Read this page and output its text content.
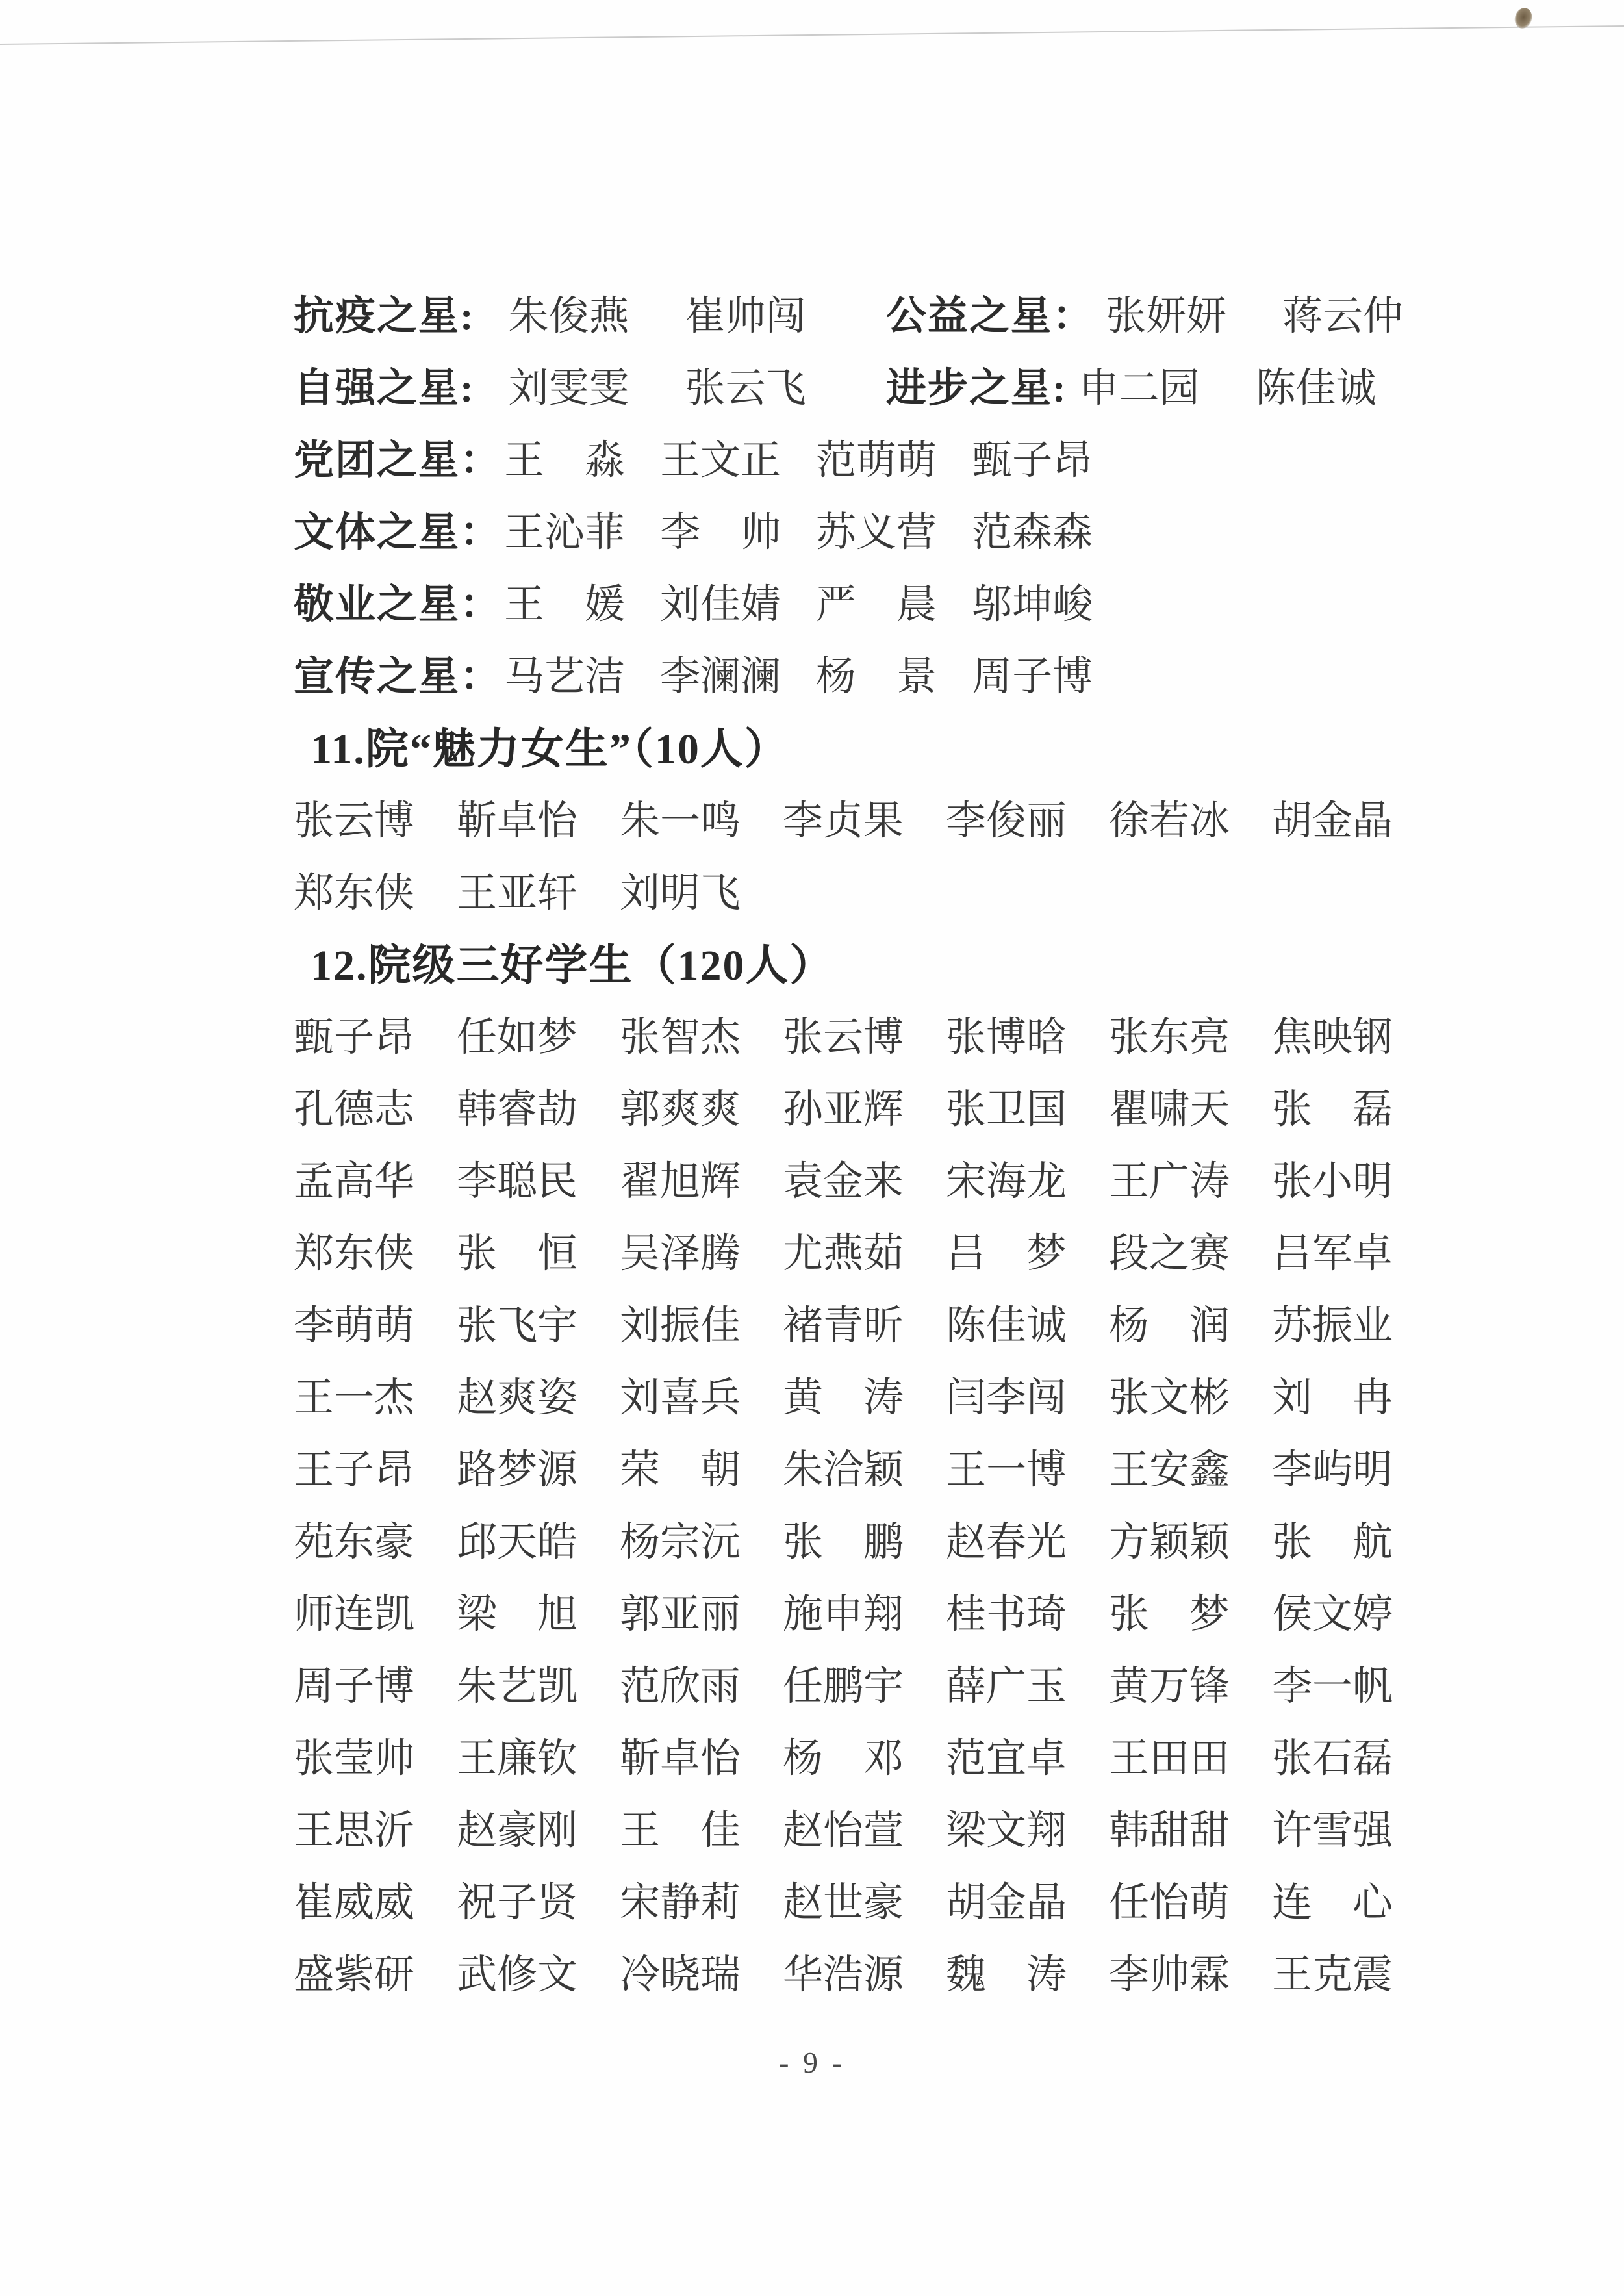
抗疫之星: 朱俊燕 崔帅闯 公益之星： 张妍妍 蒋云仲
自强之星: 刘雯雯 张云飞 进步之星: 申二园 陈佳诚
党团之星： 王　淼 王文正 范萌萌 甄子昂
文体之星： 王沁菲 李　帅 苏义营 范森森
敬业之星： 王　媛 刘佳婧 严　晨 邬坤峻
宣传之星： 马艺洁 李澜澜 杨　景 周子博
11.院“魅力女生”（10人）
张云博	靳卓怡	朱一鸣	李贞果	李俊丽	徐若冰	胡金晶
郑东侠	王亚轩	刘明飞
12.院级三好学生（120人）
甄子昂	任如梦	张智杰	张云博	张博晗	张东亮	焦映钢
孔德志	韩睿劼	郭爽爽	孙亚辉	张卫国	瞿啸天	张　磊
孟高华	李聪民	翟旭辉	袁金来	宋海龙	王广涛	张小明
郑东侠	张　恒	吴泽腾	尤燕茹	吕　梦	段之赛	吕军卓
李萌萌	张飞宇	刘振佳	褚青昕	陈佳诚	杨　润	苏振业
王一杰	赵爽姿	刘喜兵	黄　涛	闫李闯	张文彬	刘　冉
王子昂	路梦源	荣　朝	朱洽颖	王一博	王安鑫	李屿明
苑东豪	邱天皓	杨宗沅	张　鹏	赵春光	方颖颖	张　航
师连凯	梁　旭	郭亚丽	施申翔	桂书琦	张　梦	侯文婷
周子博	朱艺凯	范欣雨	任鹏宇	薛广玉	黄万锋	李一帆
张莹帅	王廉钦	靳卓怡	杨　邓	范宜卓	王田田	张石磊
王思沂	赵豪刚	王　佳	赵怡萱	梁文翔	韩甜甜	许雪强
崔威威	祝子贤	宋静莉	赵世豪	胡金晶	任怡萌	连　心
盛紫研	武修文	冷晓瑞	华浩源	魏　涛	李帅霖	王克震
- 9 -
